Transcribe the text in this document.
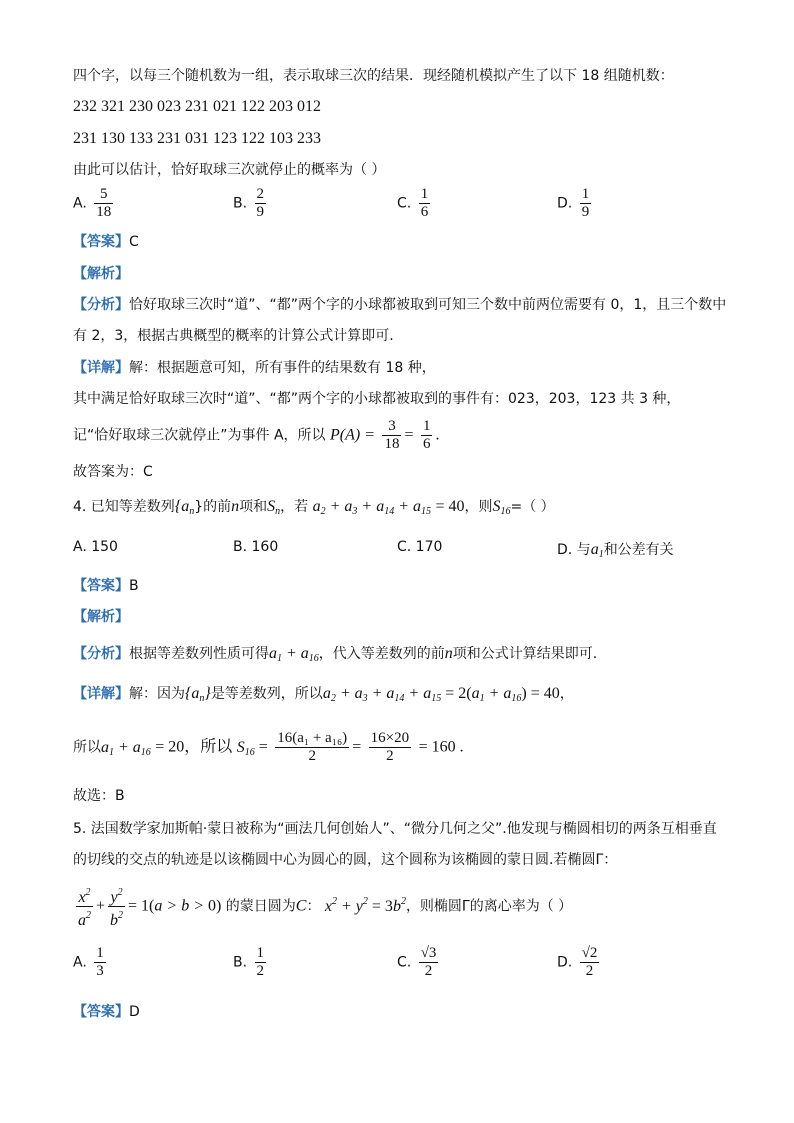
四个字，以每三个随机数为一组，表示取球三次的结果．现经随机模拟产生了以下 18 组随机数：
232 321 230 023 231 021 122 203 012
231 130 133 231 031 123 122 103 233
由此可以估计，恰好取球三次就停止的概率为（ ）
A. $\frac{5}{18}$	B. $\frac{2}{9}$	C. $\frac{1}{6}$	D. $\frac{1}{9}$
【答案】C
【解析】
【分析】恰好取球三次时“道”、“都”两个字的小球都被取到可知三个数中前两位需要有 0，1，且三个数中
有 2，3，根据古典概型的概率的计算公式计算即可.
【详解】解：根据题意可知，所有事件的结果数有 18 种，
其中满足恰好取球三次时“道”、“都”两个字的小球都被取到的事件有：023，203，123 共 3 种，
记“恰好取球三次就停止”为事件 A，所以 $P(A) = \frac{3}{18} = \frac{1}{6}$ .
故答案为：C
4. 已知等差数列$\{a_n\}$的前n项和$S_n$，若 $a_2 + a_3 + a_{14} + a_{15} = 40$，则$S_{16}=$（ ）
A. 150	B. 160	C. 170	D. 与$a_1$和公差有关
【答案】B
【解析】
【分析】根据等差数列性质可得$a_1 + a_{16}$，代入等差数列的前n项和公式计算结果即可.
【详解】解：因为$\{a_n\}$是等差数列，所以$a_2 + a_3 + a_{14} + a_{15} = 2(a_1 + a_{16}) = 40$，
所以$a_1 + a_{16} = 20$，所以 $S_{16} = \frac{\text{16(a₁ + a₁₆)}}{2} = \frac{16\times 20}{2} = 160$ .
故选：B
5. 法国数学家加斯帕·蒙日被称为“画法几何创始人”、“微分几何之父”.他发现与椭圆相切的两条互相垂直
的切线的交点的轨迹是以该椭圆中心为圆心的圆，这个圆称为该椭圆的蒙日圆.若椭圆Γ：
$\frac{x^2}{a^2} + \frac{y^2}{b^2} = 1(a > b > 0)$ 的蒙日圆为C： $x^2 + y^2 = 3b^2$，则椭圆Γ的离心率为（ ）
A. $\frac{1}{3}$	B. $\frac{1}{2}$	C. $\frac{√3}{2}$	D. $\frac{√2}{2}$
【答案】D
